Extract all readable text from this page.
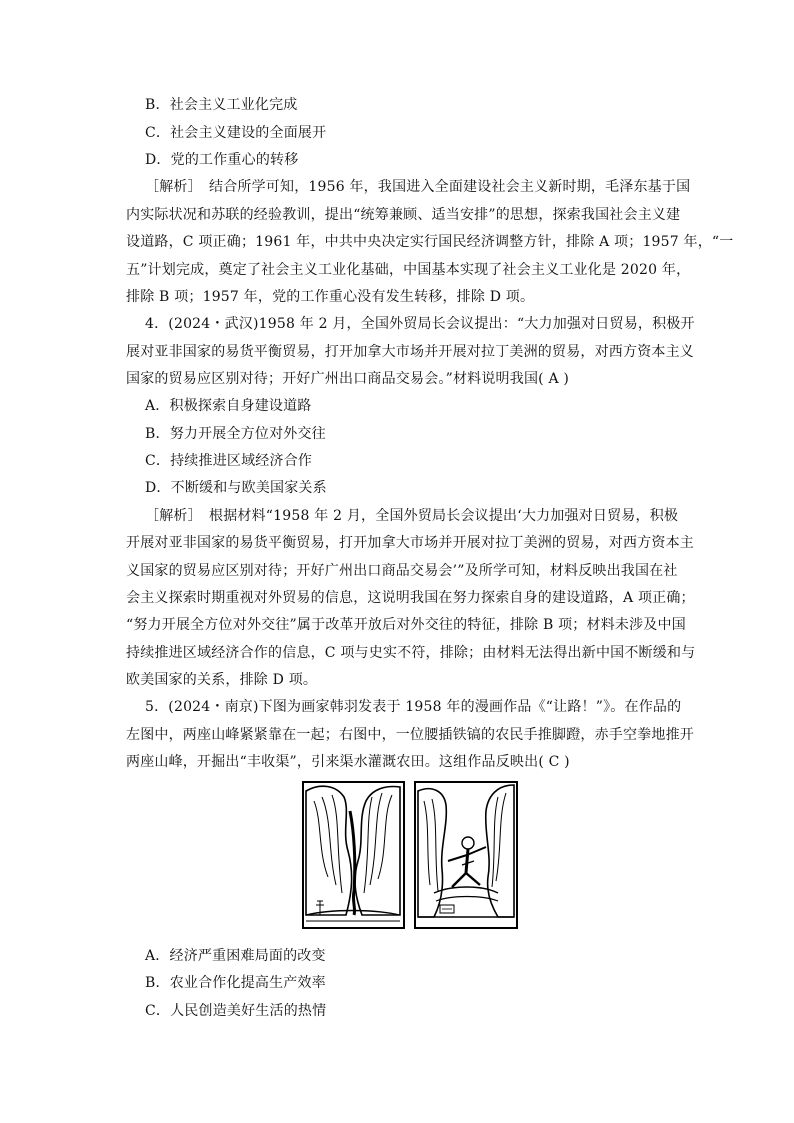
B．社会主义工业化完成
C．社会主义建设的全面展开
D．党的工作重心的转移
［解析］　结合所学可知，1956 年，我国进入全面建设社会主义新时期，毛泽东基于国
内实际状况和苏联的经验教训，提出“统筹兼顾、适当安排”的思想，探索我国社会主义建
设道路，C 项正确；1961 年，中共中央决定实行国民经济调整方针，排除 A 项；1957 年，“一
五”计划完成，奠定了社会主义工业化基础，中国基本实现了社会主义工业化是 2020 年，
排除 B 项；1957 年，党的工作重心没有发生转移，排除 D 项。
4．(2024・武汉)1958 年 2 月，全国外贸局长会议提出：“大力加强对日贸易，积极开
展对亚非国家的易货平衡贸易，打开加拿大市场并开展对拉丁美洲的贸易，对西方资本主义
国家的贸易应区别对待；开好广州出口商品交易会。”材料说明我国( A )
A．积极探索自身建设道路
B．努力开展全方位对外交往
C．持续推进区域经济合作
D．不断缓和与欧美国家关系
［解析］　根据材料“1958 年 2 月，全国外贸局长会议提出‘大力加强对日贸易，积极
开展对亚非国家的易货平衡贸易，打开加拿大市场并开展对拉丁美洲的贸易，对西方资本主
义国家的贸易应区别对待；开好广州出口商品交易会’”及所学可知，材料反映出我国在社
会主义探索时期重视对外贸易的信息，这说明我国在努力探索自身的建设道路，A 项正确；
“努力开展全方位对外交往”属于改革开放后对外交往的特征，排除 B 项；材料未涉及中国
持续推进区域经济合作的信息，C 项与史实不符，排除；由材料无法得出新中国不断缓和与
欧美国家的关系，排除 D 项。
5．(2024・南京)下图为画家韩羽发表于 1958 年的漫画作品《“让路！”》。在作品的
左图中，两座山峰紧紧靠在一起；右图中，一位腰插铁镐的农民手推脚蹬，赤手空拳地推开
两座山峰，开掘出“丰收渠”，引来渠水灌溉农田。这组作品反映出( C )
A．经济严重困难局面的改变
B．农业合作化提高生产效率
C．人民创造美好生活的热情
